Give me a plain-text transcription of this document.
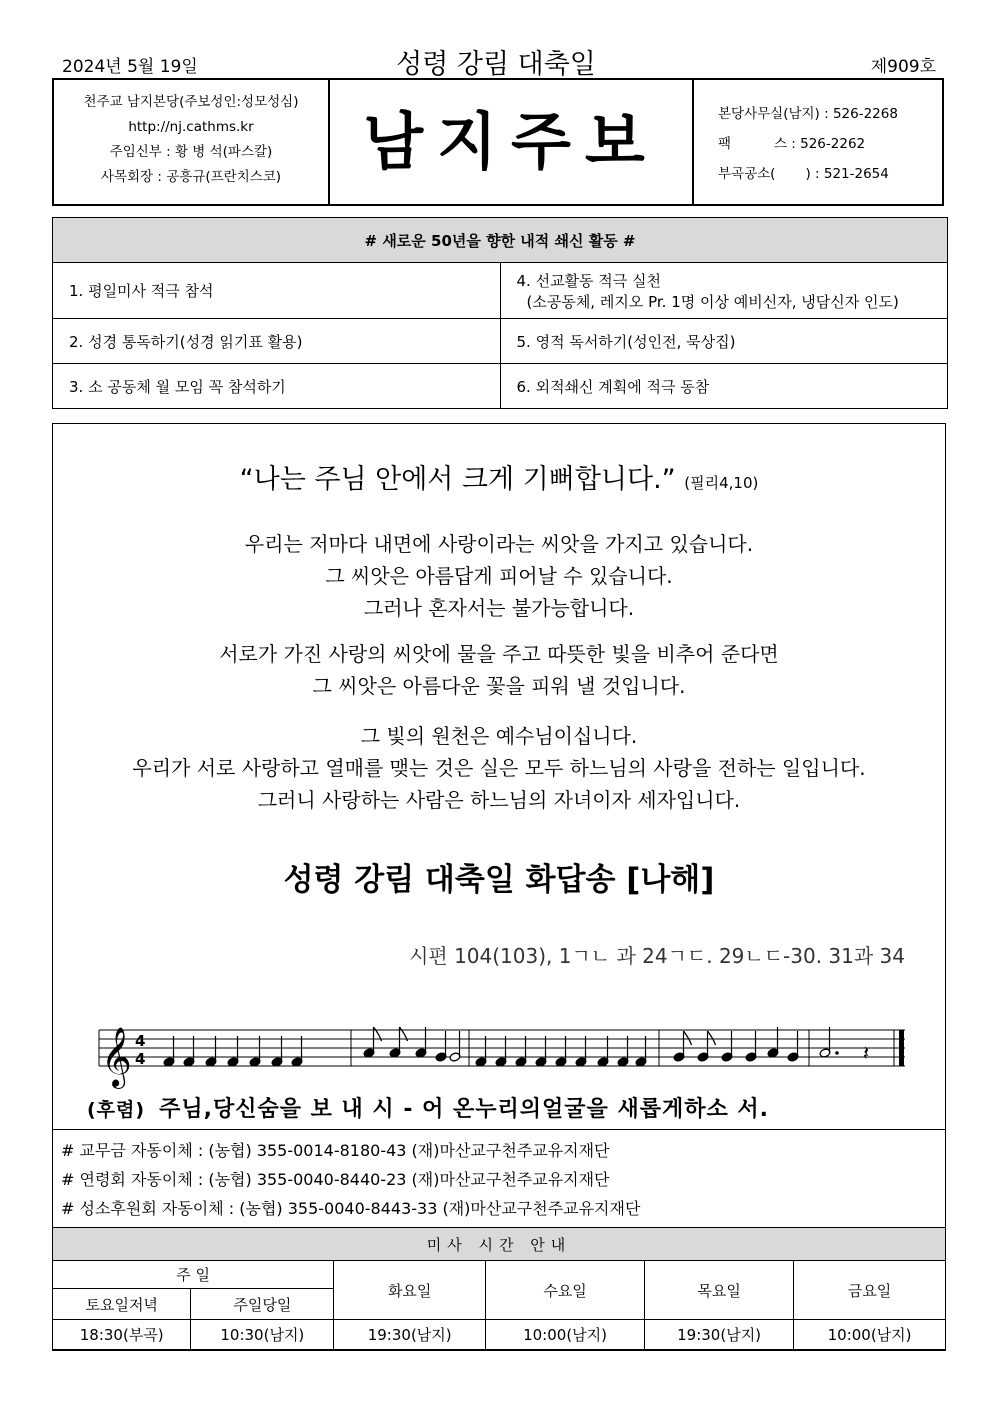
2024년 5월 19일	성령 강림 대축일	제909호
천주교 남지본당(주보성인:성모성심)
http://nj.cathms.kr
주임신부 : 황 병 석(파스칼)
사목회장 : 공흥규(프란치스코)	남지주보	본당사무실(남지) : 526-2268
팩          스 : 526-2262
부곡공소(       ) : 521-2654
# 새로운 50년을 향한 내적 쇄신 활동 #	
1. 평일미사 적극 참석	4. 선교활동 적극 실천
(소공동체, 레지오 Pr. 1명 이상 예비신자, 냉담신자 인도)

2. 성경 통독하기(성경 읽기표 활용)	5. 영적 독서하기(성인전, 묵상집)
3. 소 공동체 월 모임 꼭 참석하기	6. 외적쇄신 계획에 적극 동참
“나는 주님 안에서 크게 기뻐합니다.” (필리4,10)
우리는 저마다 내면에 사랑이라는 씨앗을 가지고 있습니다.
그 씨앗은 아름답게 피어날 수 있습니다.
그러나 혼자서는 불가능합니다.
서로가 가진 사랑의 씨앗에 물을 주고 따뜻한 빛을 비추어 준다면
그 씨앗은 아름다운 꽃을 피워 낼 것입니다.
그 빛의 원천은 예수님이십니다.
우리가 서로 사랑하고 열매를 맺는 것은 실은 모두 하느님의 사랑을 전하는 일입니다.
그러니 사랑하는 사람은 하느님의 자녀이자 세자입니다.
성령 강림 대축일 화답송 [나해]
시편 104(103), 1ㄱㄴ 과 24ㄱㄷ. 29ㄴㄷ-30. 31과 34
𝄞 4
4	𝄽
(후렴) 주님,당신숨을 보 내 시 - 어 온누리의얼굴을 새롭게하소 서.
# 교무금 자동이체 : (농협) 355-0014-8180-43 (재)마산교구천주교유지재단
# 연령회 자동이체 : (농협) 355-0040-8440-23 (재)마산교구천주교유지재단
# 성소후원회 자동이체 : (농협) 355-0040-8443-33 (재)마산교구천주교유지재단
미사 시간 안내					
주 일		화요일	수요일	목요일	금요일
토요일저녁	주일당일				
18:30(부곡)	10:30(남지)	19:30(남지)	10:00(남지)	19:30(남지)	10:00(남지)
